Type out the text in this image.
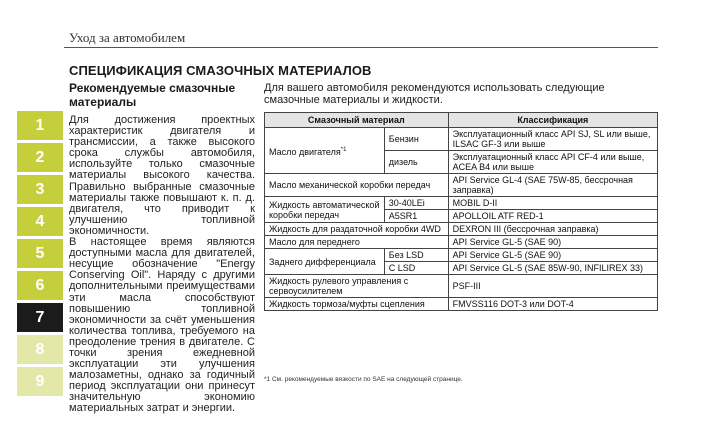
Уход за автомобилем
СПЕЦИФИКАЦИЯ СМАЗОЧНЫХ МАТЕРИАЛОВ
1
2
3
4
5
6
7
8
9
Рекомендуемые смазочные материалы

Для достижения проектных характеристик двигателя и трансмиссии, а также высокого срока службы автомобиля, используйте только смазочные материалы высокого качества. Правильно выбранные смазочные материалы также повышают к. п. д. двигателя, что приводит к улучшению топливной экономичности.

В настоящее время являются доступными масла для двигателей, несущие обозначение "Energy Conserving Oil". Наряду с другими дополнительными преимуществами эти масла способствуют повышению топливной экономичности за счёт уменьшения количества топлива, требуемого на преодоление трения в двигателе. С точки зрения ежедневной эксплуатации эти улучшения малозаметны, однако за годичный период эксплуатации они принесут значительную экономию материальных затрат и энергии.

Для вашего автомобиля рекомендуются использовать следующие смазочные материалы и жидкости.
Смазочный материал		Классификация
Масло двигателя$^{*1}$	Бензин	Эксплуатационный класс API SJ, SL или выше, ILSAC GF-3 или выше
	дизель	Эксплуатационный класс API CF-4 или выше, ACEA B4 или выше
Масло механической коробки передач		API Service GL-4 (SAE 75W-85, бессрочная заправка)
Жидкость автоматической
коробки передач	30-40LEi	MOBIL D-II
	A5SR1	APOLLOIL ATF RED-1
Жидкость для раздаточной коробки 4WD		DEXRON III (бессрочная заправка)
Масло для переднего		API Service GL-5 (SAE 90)
Заднего дифференциала	Без LSD	API Service GL-5 (SAE 90)
	С LSD	API Service GL-5 (SAE 85W-90, INFILIREX 33)
Жидкость рулевого управления с
сервоусилителем		PSF-III
Жидкость тормоза/муфты сцепления		FMVSS116 DOT-3 или DOT-4
*1 См. рекомендуемые вязкости по SAE на следующей странице.
